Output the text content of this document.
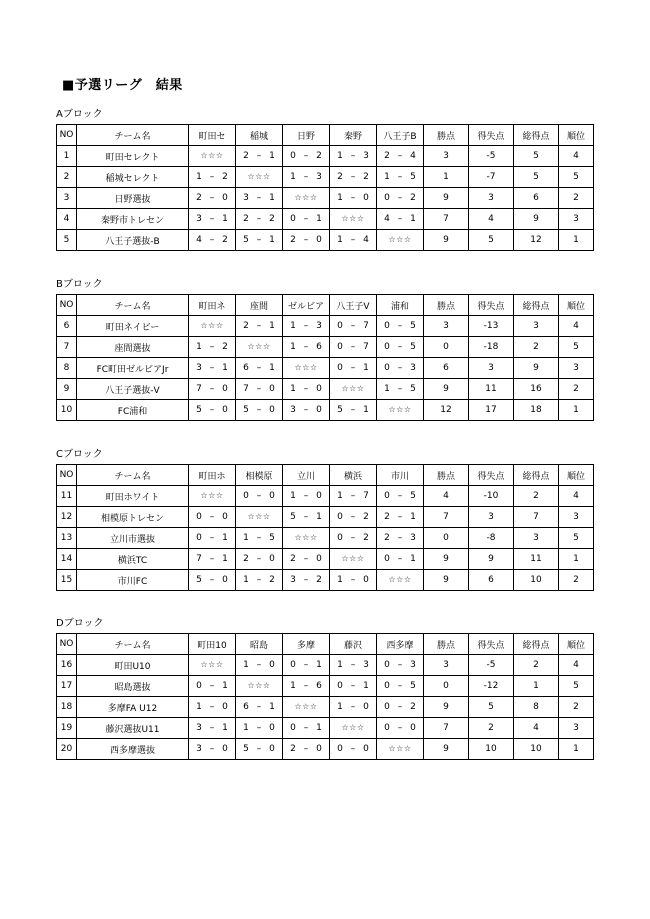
■予選リーグ　結果
Aブロック
NO	チーム名	町田セ	稲城	日野	秦野	八王子B	勝点	得失点	総得点	順位
1	町田セレクト	☆☆☆	2 – 1	0 – 2	1 – 3	2 – 4	3	-5	5	4
2	稲城セレクト	1 – 2	☆☆☆	1 – 3	2 – 2	1 – 5	1	-7	5	5
3	日野選抜	2 – 0	3 – 1	☆☆☆	1 – 0	0 – 2	9	3	6	2
4	秦野市トレセン	3 – 1	2 – 2	0 – 1	☆☆☆	4 – 1	7	4	9	3
5	八王子選抜-B	4 – 2	5 – 1	2 – 0	1 – 4	☆☆☆	9	5	12	1
Bブロック
NO	チーム名	町田ネ	座間	ゼルビア	八王子V	浦和	勝点	得失点	総得点	順位
6	町田ネイビー	☆☆☆	2 – 1	1 – 3	0 – 7	0 – 5	3	-13	3	4
7	座間選抜	1 – 2	☆☆☆	1 – 6	0 – 7	0 – 5	0	-18	2	5
8	FC町田ゼルビアJr	3 – 1	6 – 1	☆☆☆	0 – 1	0 – 3	6	3	9	3
9	八王子選抜-V	7 – 0	7 – 0	1 – 0	☆☆☆	1 – 5	9	11	16	2
10	FC浦和	5 – 0	5 – 0	3 – 0	5 – 1	☆☆☆	12	17	18	1
Cブロック
NO	チーム名	町田ホ	相模原	立川	横浜	市川	勝点	得失点	総得点	順位
11	町田ホワイト	☆☆☆	0 – 0	1 – 0	1 – 7	0 – 5	4	-10	2	4
12	相模原トレセン	0 – 0	☆☆☆	5 – 1	0 – 2	2 – 1	7	3	7	3
13	立川市選抜	0 – 1	1 – 5	☆☆☆	0 – 2	2 – 3	0	-8	3	5
14	横浜TC	7 – 1	2 – 0	2 – 0	☆☆☆	0 – 1	9	9	11	1
15	市川FC	5 – 0	1 – 2	3 – 2	1 – 0	☆☆☆	9	6	10	2
Dブロック
NO	チーム名	町田10	昭島	多摩	藤沢	西多摩	勝点	得失点	総得点	順位
16	町田U10	☆☆☆	1 – 0	0 – 1	1 – 3	0 – 3	3	-5	2	4
17	昭島選抜	0 – 1	☆☆☆	1 – 6	0 – 1	0 – 5	0	-12	1	5
18	多摩FA U12	1 – 0	6 – 1	☆☆☆	1 – 0	0 – 2	9	5	8	2
19	藤沢選抜U11	3 – 1	1 – 0	0 – 1	☆☆☆	0 – 0	7	2	4	3
20	西多摩選抜	3 – 0	5 – 0	2 – 0	0 – 0	☆☆☆	9	10	10	1
